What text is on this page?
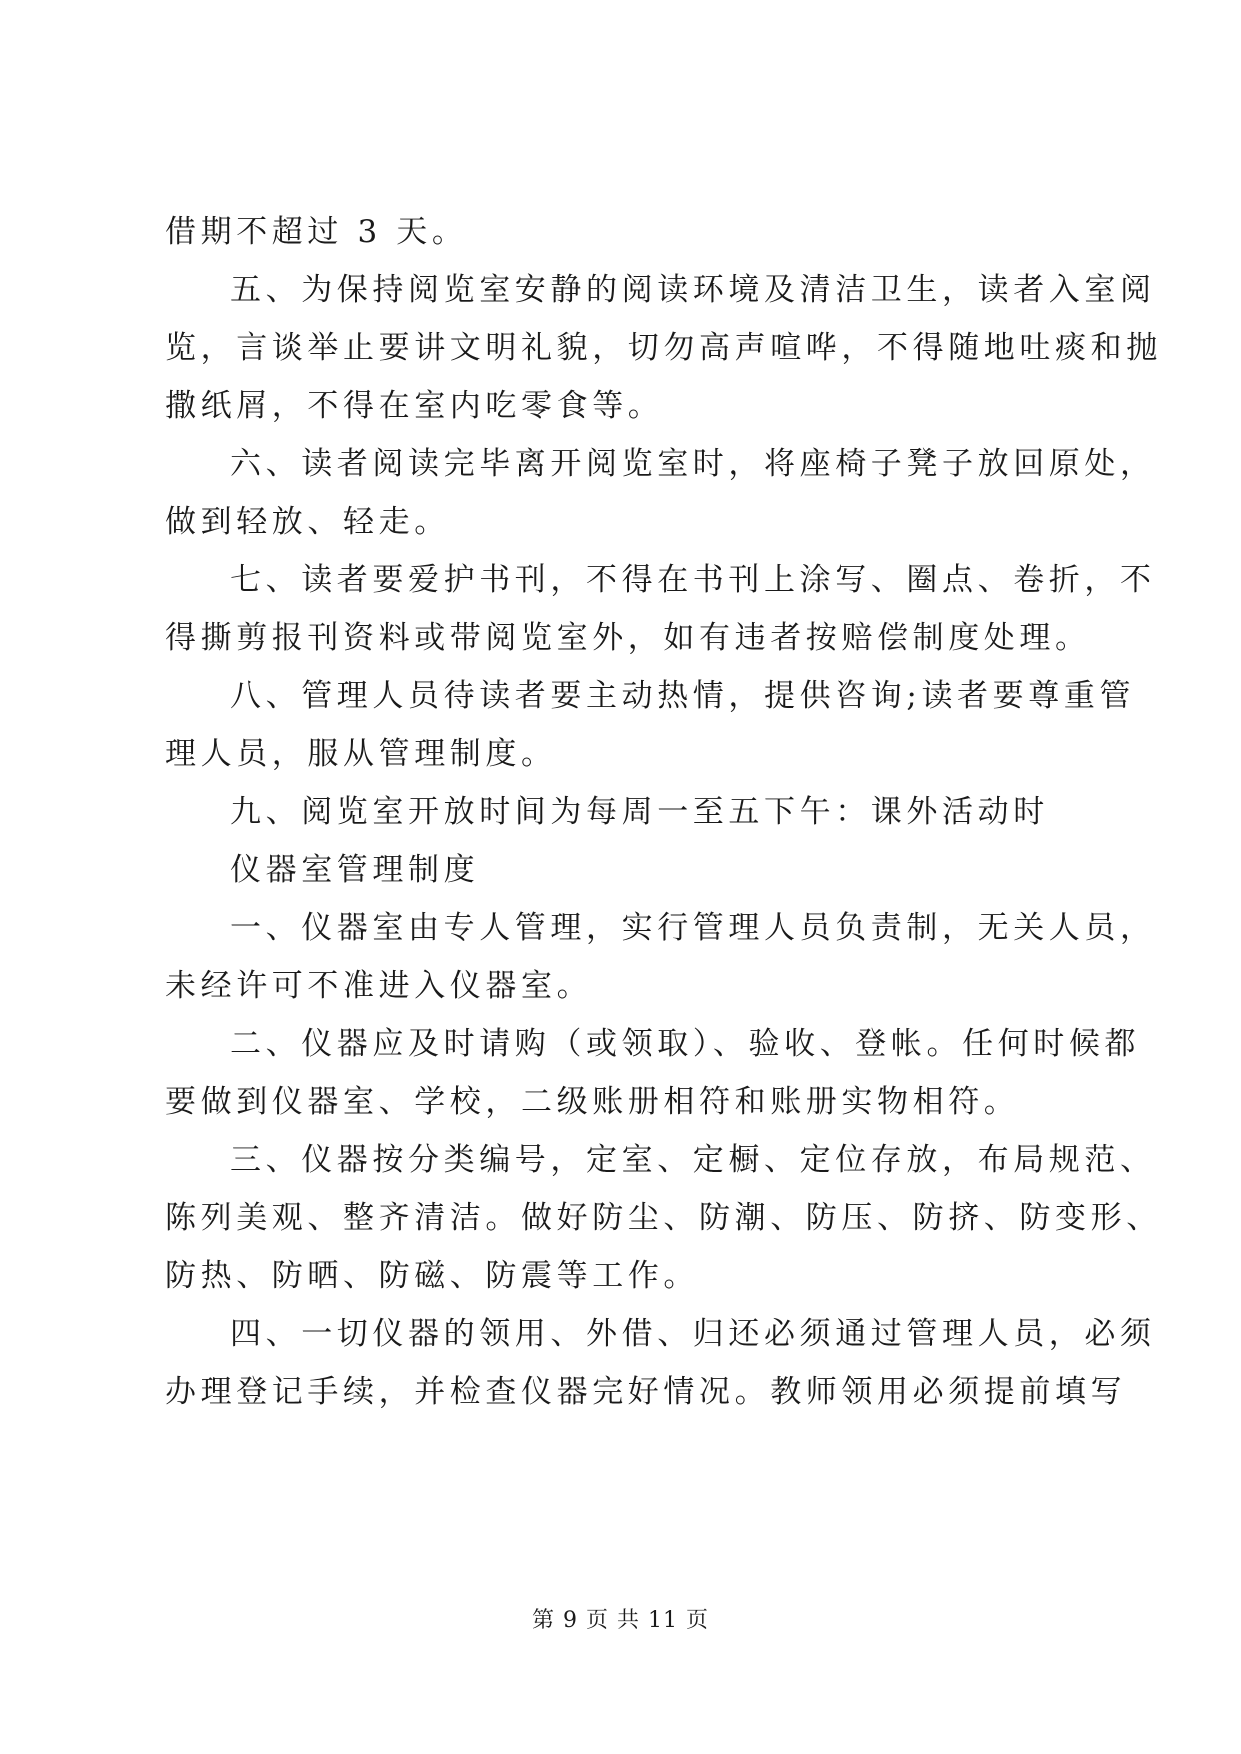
借期不超过 3 天。
五、为保持阅览室安静的阅读环境及清洁卫生，读者入室阅
览，言谈举止要讲文明礼貌，切勿高声喧哗，不得随地吐痰和抛
撒纸屑，不得在室内吃零食等。
六、读者阅读完毕离开阅览室时，将座椅子凳子放回原处，
做到轻放、轻走。
七、读者要爱护书刊，不得在书刊上涂写、圈点、卷折，不
得撕剪报刊资料或带阅览室外，如有违者按赔偿制度处理。
八、管理人员待读者要主动热情，提供咨询;读者要尊重管
理人员，服从管理制度。
九、阅览室开放时间为每周一至五下午：课外活动时
仪器室管理制度
一、仪器室由专人管理，实行管理人员负责制，无关人员，
未经许可不准进入仪器室。
二、仪器应及时请购（或领取）、验收、登帐。任何时候都
要做到仪器室、学校，二级账册相符和账册实物相符。
三、仪器按分类编号，定室、定橱、定位存放，布局规范、
陈列美观、整齐清洁。做好防尘、防潮、防压、防挤、防变形、
防热、防晒、防磁、防震等工作。
四、一切仪器的领用、外借、归还必须通过管理人员，必须
办理登记手续，并检查仪器完好情况。教师领用必须提前填写
第 9 页 共 11 页
